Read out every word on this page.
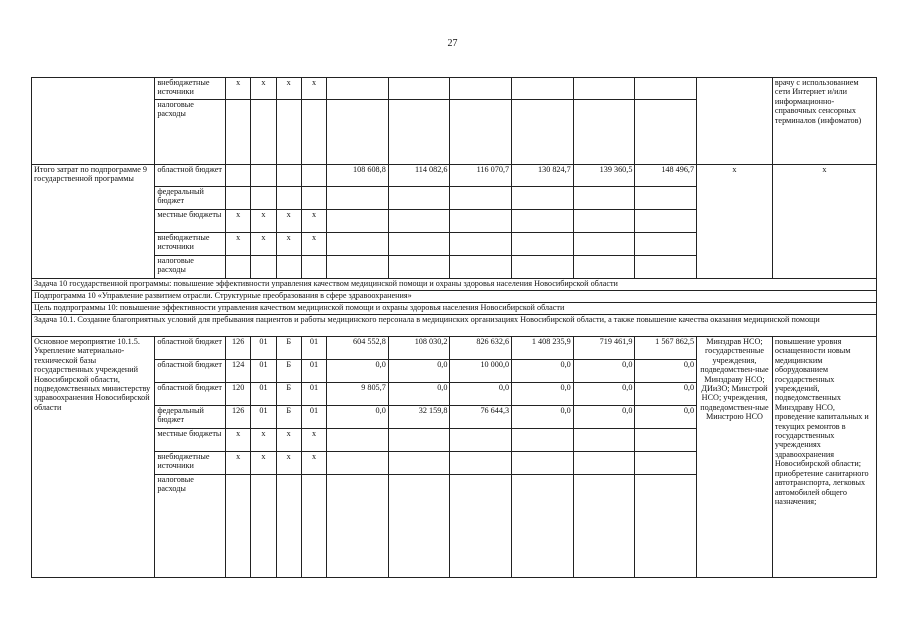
27
	внебюджетные источники	x	x	x	x								врачу с использованием сети Интернет и/или информационно-справочных сенсорных терминалов (инфоматов)
	налоговые расходы												
Итого затрат по подпрограмме 9 государственной программы	областной бюджет					108 608,8	114 082,6	116 070,7	130 824,7	139 360,5	148 496,7	x	x
	федеральный бюджет												
	местные бюджеты	x	x	x	x								
	внебюджетные источники	x	x	x	x								
	налоговые расходы												
Задача 10 государственной программы: повышение эффективности управления качеством медицинской помощи и охраны здоровья населения Новосибирской области													
Подпрограмма 10 «Управление развитием отрасли. Структурные преобразования в сфере здравоохранения»													
Цель подпрограммы 10: повышение эффективности управления качеством медицинской помощи и охраны здоровья населения Новосибирской области													
Задача 10.1. Создание благоприятных условий для пребывания пациентов и работы медицинского персонала в медицинских организациях Новосибирской области, а также повышение качества оказания медицинской помощи													
Основное мероприятие 10.1.5. Укрепление материально-технической базы государственных учреждений Новосибирской области, подведомственных министерству здравоохранения Новосибирской области	областной бюджет	126	01	Б	01	604 552,8	108 030,2	826 632,6	1 408 235,9	719 461,9	1 567 862,5	Минздрав НСО; государственные учреждения, подведомствен-ные Минздраву НСО; ДИиЗО; Минстрой НСО; учреждения, подведомствен-ные Минстрою НСО	повышение уровня оснащенности новым медицинским оборудованием государственных учреждений, подведомственных Минздраву НСО, проведение капитальных и текущих ремонтов в государственных учреждениях здравоохранения Новосибирской области; приобретение санитарного автотранспорта, легковых автомобилей общего назначения;
	областной бюджет	124	01	Б	01	0,0	0,0	10 000,0	0,0	0,0	0,0		
	областной бюджет	120	01	Б	01	9 805,7	0,0	0,0	0,0	0,0	0,0		
	федеральный бюджет	126	01	Б	01	0,0	32 159,8	76 644,3	0,0	0,0	0,0		
	местные бюджеты	x	x	x	x								
	внебюджетные источники	x	x	x	x								
	налоговые расходы												
